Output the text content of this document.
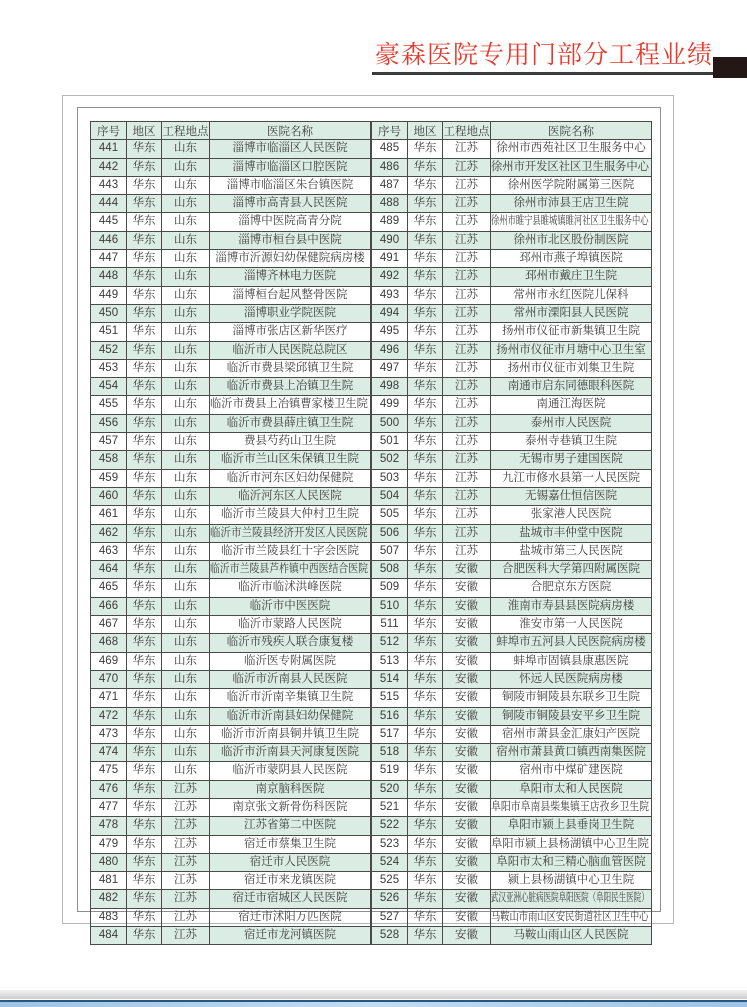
豪森医院专用门部分工程业绩
序号	地区	工程地点	医院名称

441	华东	山东	淄博市临淄区人民医院

442	华东	山东	淄博市临淄区口腔医院

443	华东	山东	淄博市临淄区朱台镇医院

444	华东	山东	淄博市高青县人民医院

445	华东	山东	淄博中医院高青分院

446	华东	山东	淄博市桓台县中医院

447	华东	山东	淄博市沂源妇幼保健院病房楼

448	华东	山东	淄博齐林电力医院

449	华东	山东	淄博桓台起风整骨医院

450	华东	山东	淄博职业学院医院

451	华东	山东	淄博市张店区新华医疗

452	华东	山东	临沂市人民医院总院区

453	华东	山东	临沂市费县梁邱镇卫生院

454	华东	山东	临沂市费县上冶镇卫生院

455	华东	山东	临沂市费县上冶镇曹家楼卫生院

456	华东	山东	临沂市费县薛庄镇卫生院

457	华东	山东	费县芍药山卫生院

458	华东	山东	临沂市兰山区朱保镇卫生院

459	华东	山东	临沂市河东区妇幼保健院

460	华东	山东	临沂河东区人民医院

461	华东	山东	临沂市兰陵县大仲村卫生院

462	华东	山东	临沂市兰陵县经济开发区人民医院

463	华东	山东	临沂市兰陵县红十字会医院

464	华东	山东	临沂市兰陵县芦柞镇中西医结合医院

465	华东	山东	临沂市临沭洪峰医院

466	华东	山东	临沂市中医医院

467	华东	山东	临沂市蒙路人民医院

468	华东	山东	临沂市残疾人联合康复楼

469	华东	山东	临沂医专附属医院

470	华东	山东	临沂市沂南县人民医院

471	华东	山东	临沂市沂南辛集镇卫生院

472	华东	山东	临沂市沂南县妇幼保健院

473	华东	山东	临沂市沂南县铜井镇卫生院

474	华东	山东	临沂市沂南县天河康复医院

475	华东	山东	临沂市蒙阴县人民医院

476	华东	江苏	南京脑科医院

477	华东	江苏	南京张文新骨伤科医院

478	华东	江苏	江苏省第二中医院

479	华东	江苏	宿迁市蔡集卫生院

480	华东	江苏	宿迁市人民医院

481	华东	江苏	宿迁市来龙镇医院

482	华东	江苏	宿迁市宿城区人民医院

483	华东	江苏	宿迁市沭阳万匹医院

484	华东	江苏	宿迁市龙河镇医院
序号	地区	工程地点	医院名称

485	华东	江苏	徐州市西苑社区卫生服务中心

486	华东	江苏	徐州市开发区社区卫生服务中心

487	华东	江苏	徐州医学院附属第三医院

488	华东	江苏	徐州市沛县王店卫生院

489	华东	江苏	徐州市睢宁县睢城镇睢河社区卫生服务中心

490	华东	江苏	徐州市北区股份制医院

491	华东	江苏	邳州市燕子埠镇医院

492	华东	江苏	邳州市戴庄卫生院

493	华东	江苏	常州市永红医院儿保科

494	华东	江苏	常州市溧阳县人民医院

495	华东	江苏	扬州市仪征市新集镇卫生院

496	华东	江苏	扬州市仪征市月塘中心卫生室

497	华东	江苏	扬州市仪征市刘集卫生院

498	华东	江苏	南通市启东同德眼科医院

499	华东	江苏	南通江海医院

500	华东	江苏	泰州市人民医院

501	华东	江苏	泰州寺巷镇卫生院

502	华东	江苏	无锡市男子建国医院

503	华东	江苏	九江市修水县第一人民医院

504	华东	江苏	无锡嘉仕恒信医院

505	华东	江苏	张家港人民医院

506	华东	江苏	盐城市丰仲堂中医院

507	华东	江苏	盐城市第三人民医院

508	华东	安徽	合肥医科大学第四附属医院

509	华东	安徽	合肥京东方医院

510	华东	安徽	淮南市寿县县医院病房楼

511	华东	安徽	淮安市第一人民医院

512	华东	安徽	蚌埠市五河县人民医院病房楼

513	华东	安徽	蚌埠市固镇县康惠医院

514	华东	安徽	怀远人民医院病房楼

515	华东	安徽	铜陵市铜陵县东联乡卫生院

516	华东	安徽	铜陵市铜陵县安平乡卫生院

517	华东	安徽	宿州市萧县金汇康妇产医院

518	华东	安徽	宿州市萧县黄口镇西南集医院

519	华东	安徽	宿州市中煤矿建医院

520	华东	安徽	阜阳市太和人民医院

521	华东	安徽	阜阳市阜南县柴集镇王店孜乡卫生院

522	华东	安徽	阜阳市颍上县垂岗卫生院

523	华东	安徽	阜阳市颍上县杨湖镇中心卫生院

524	华东	安徽	阜阳市太和三精心脑血管医院

525	华东	安徽	颍上县杨湖镇中心卫生院

526	华东	安徽	武汉亚洲心脏病医院阜阳医院（阜阳民生医院）

527	华东	安徽	马鞍山市雨山区安民街道社区卫生中心

528	华东	安徽	马鞍山雨山区人民医院
